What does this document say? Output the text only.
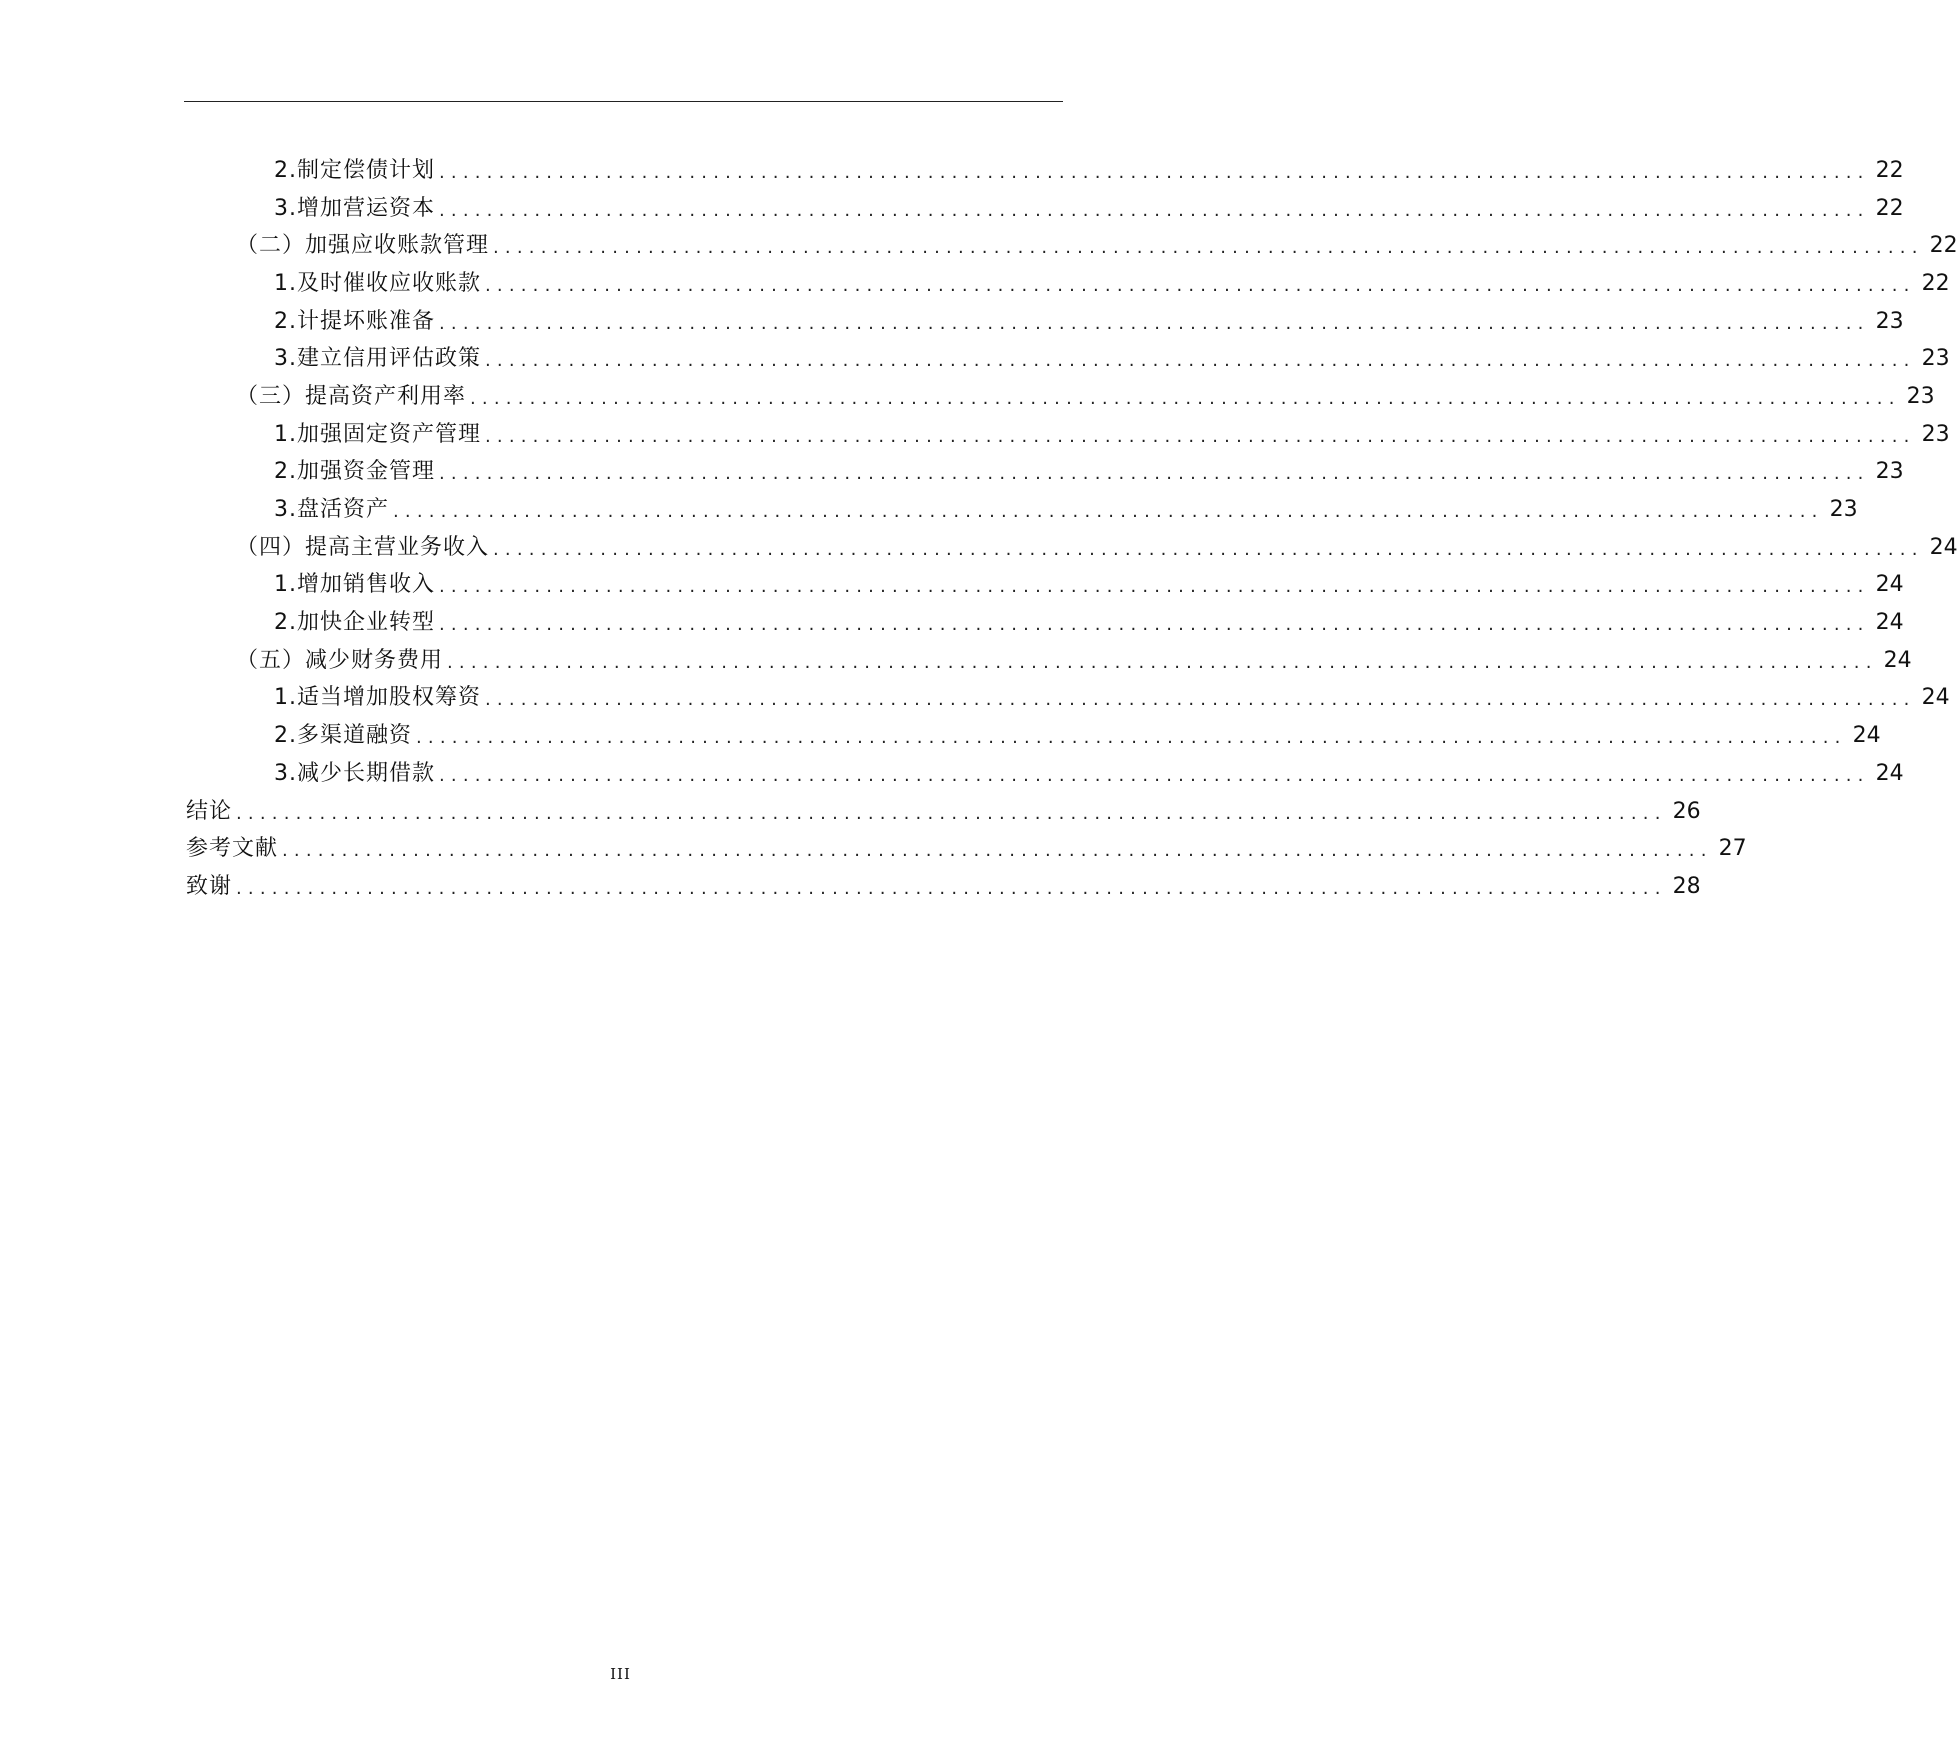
2.制定偿债计划 ........................................................................................................................ 22
3.增加营运资本 ........................................................................................................................ 22
（二）加强应收账款管理 ........................................................................................................................ 22
1.及时催收应收账款 ........................................................................................................................ 22
2.计提坏账准备 ........................................................................................................................ 23
3.建立信用评估政策 ........................................................................................................................ 23
（三）提高资产利用率 ........................................................................................................................ 23
1.加强固定资产管理 ........................................................................................................................ 23
2.加强资金管理 ........................................................................................................................ 23
3.盘活资产 ........................................................................................................................ 23
（四）提高主营业务收入 ........................................................................................................................ 24
1.增加销售收入 ........................................................................................................................ 24
2.加快企业转型 ........................................................................................................................ 24
（五）减少财务费用 ........................................................................................................................ 24
1.适当增加股权筹资 ........................................................................................................................ 24
2.多渠道融资 ........................................................................................................................ 24
3.减少长期借款 ........................................................................................................................ 24
结论 ........................................................................................................................ 26
参考文献 ........................................................................................................................ 27
致谢 ........................................................................................................................ 28
III
